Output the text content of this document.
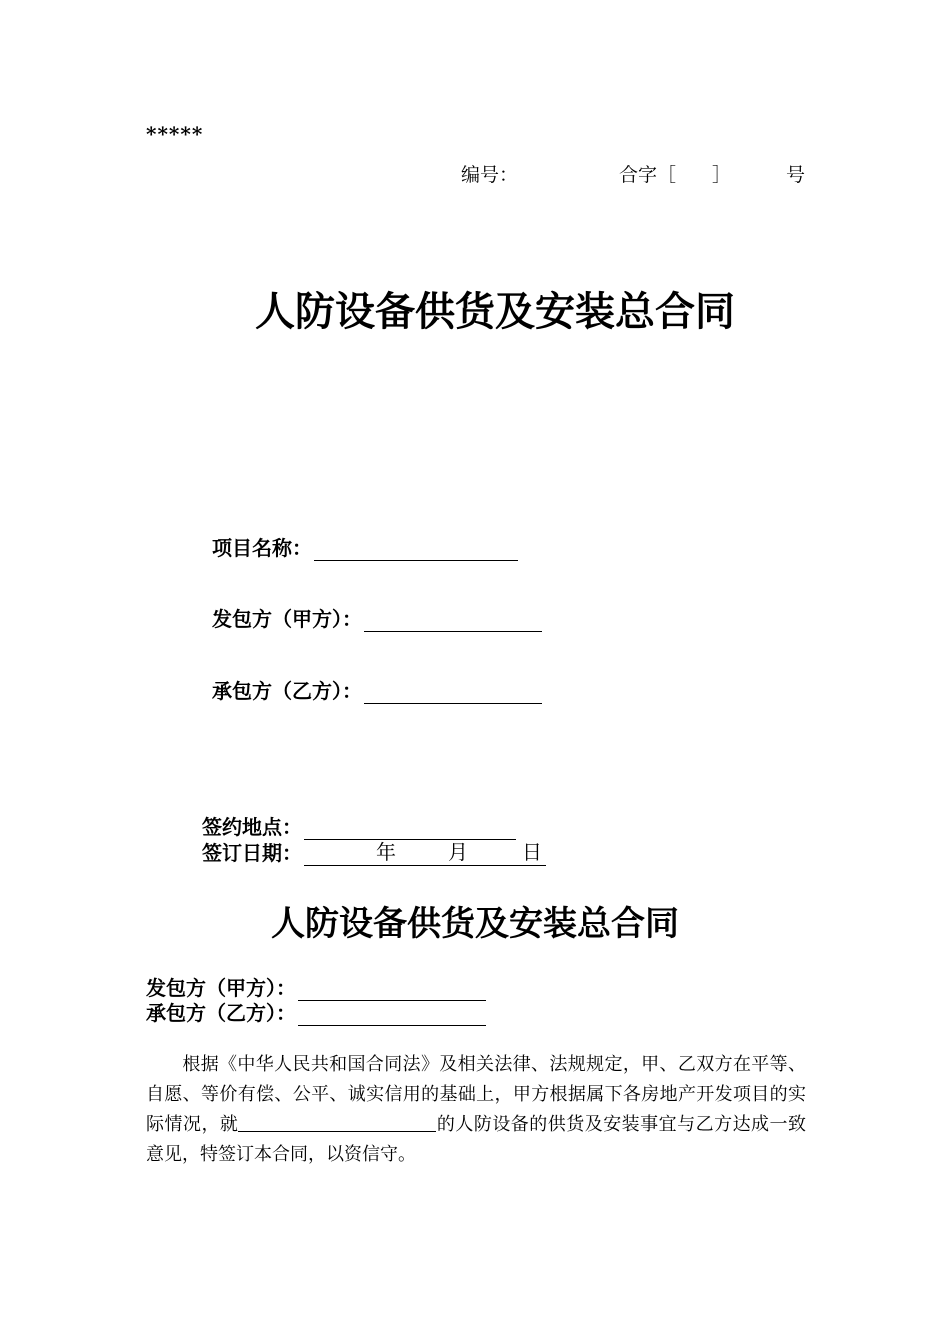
*****
编号：	合字［ ］	号
人防设备供货及安装总合同
项目名称：
发包方（甲方）：
承包方（乙方）：
签约地点：
签订日期：	年	月	日
人防设备供货及安装总合同
发包方（甲方）：
承包方（乙方）：
根据《中华人民共和国合同法》及相关法律、法规规定，甲、乙双方在平等、自愿、等价有偿、公平、诚实信用的基础上，甲方根据属下各房地产开发项目的实际情况，就	的人防设备的供货及安装事宜与乙方达成一致意见，特签订本合同，以资信守。
